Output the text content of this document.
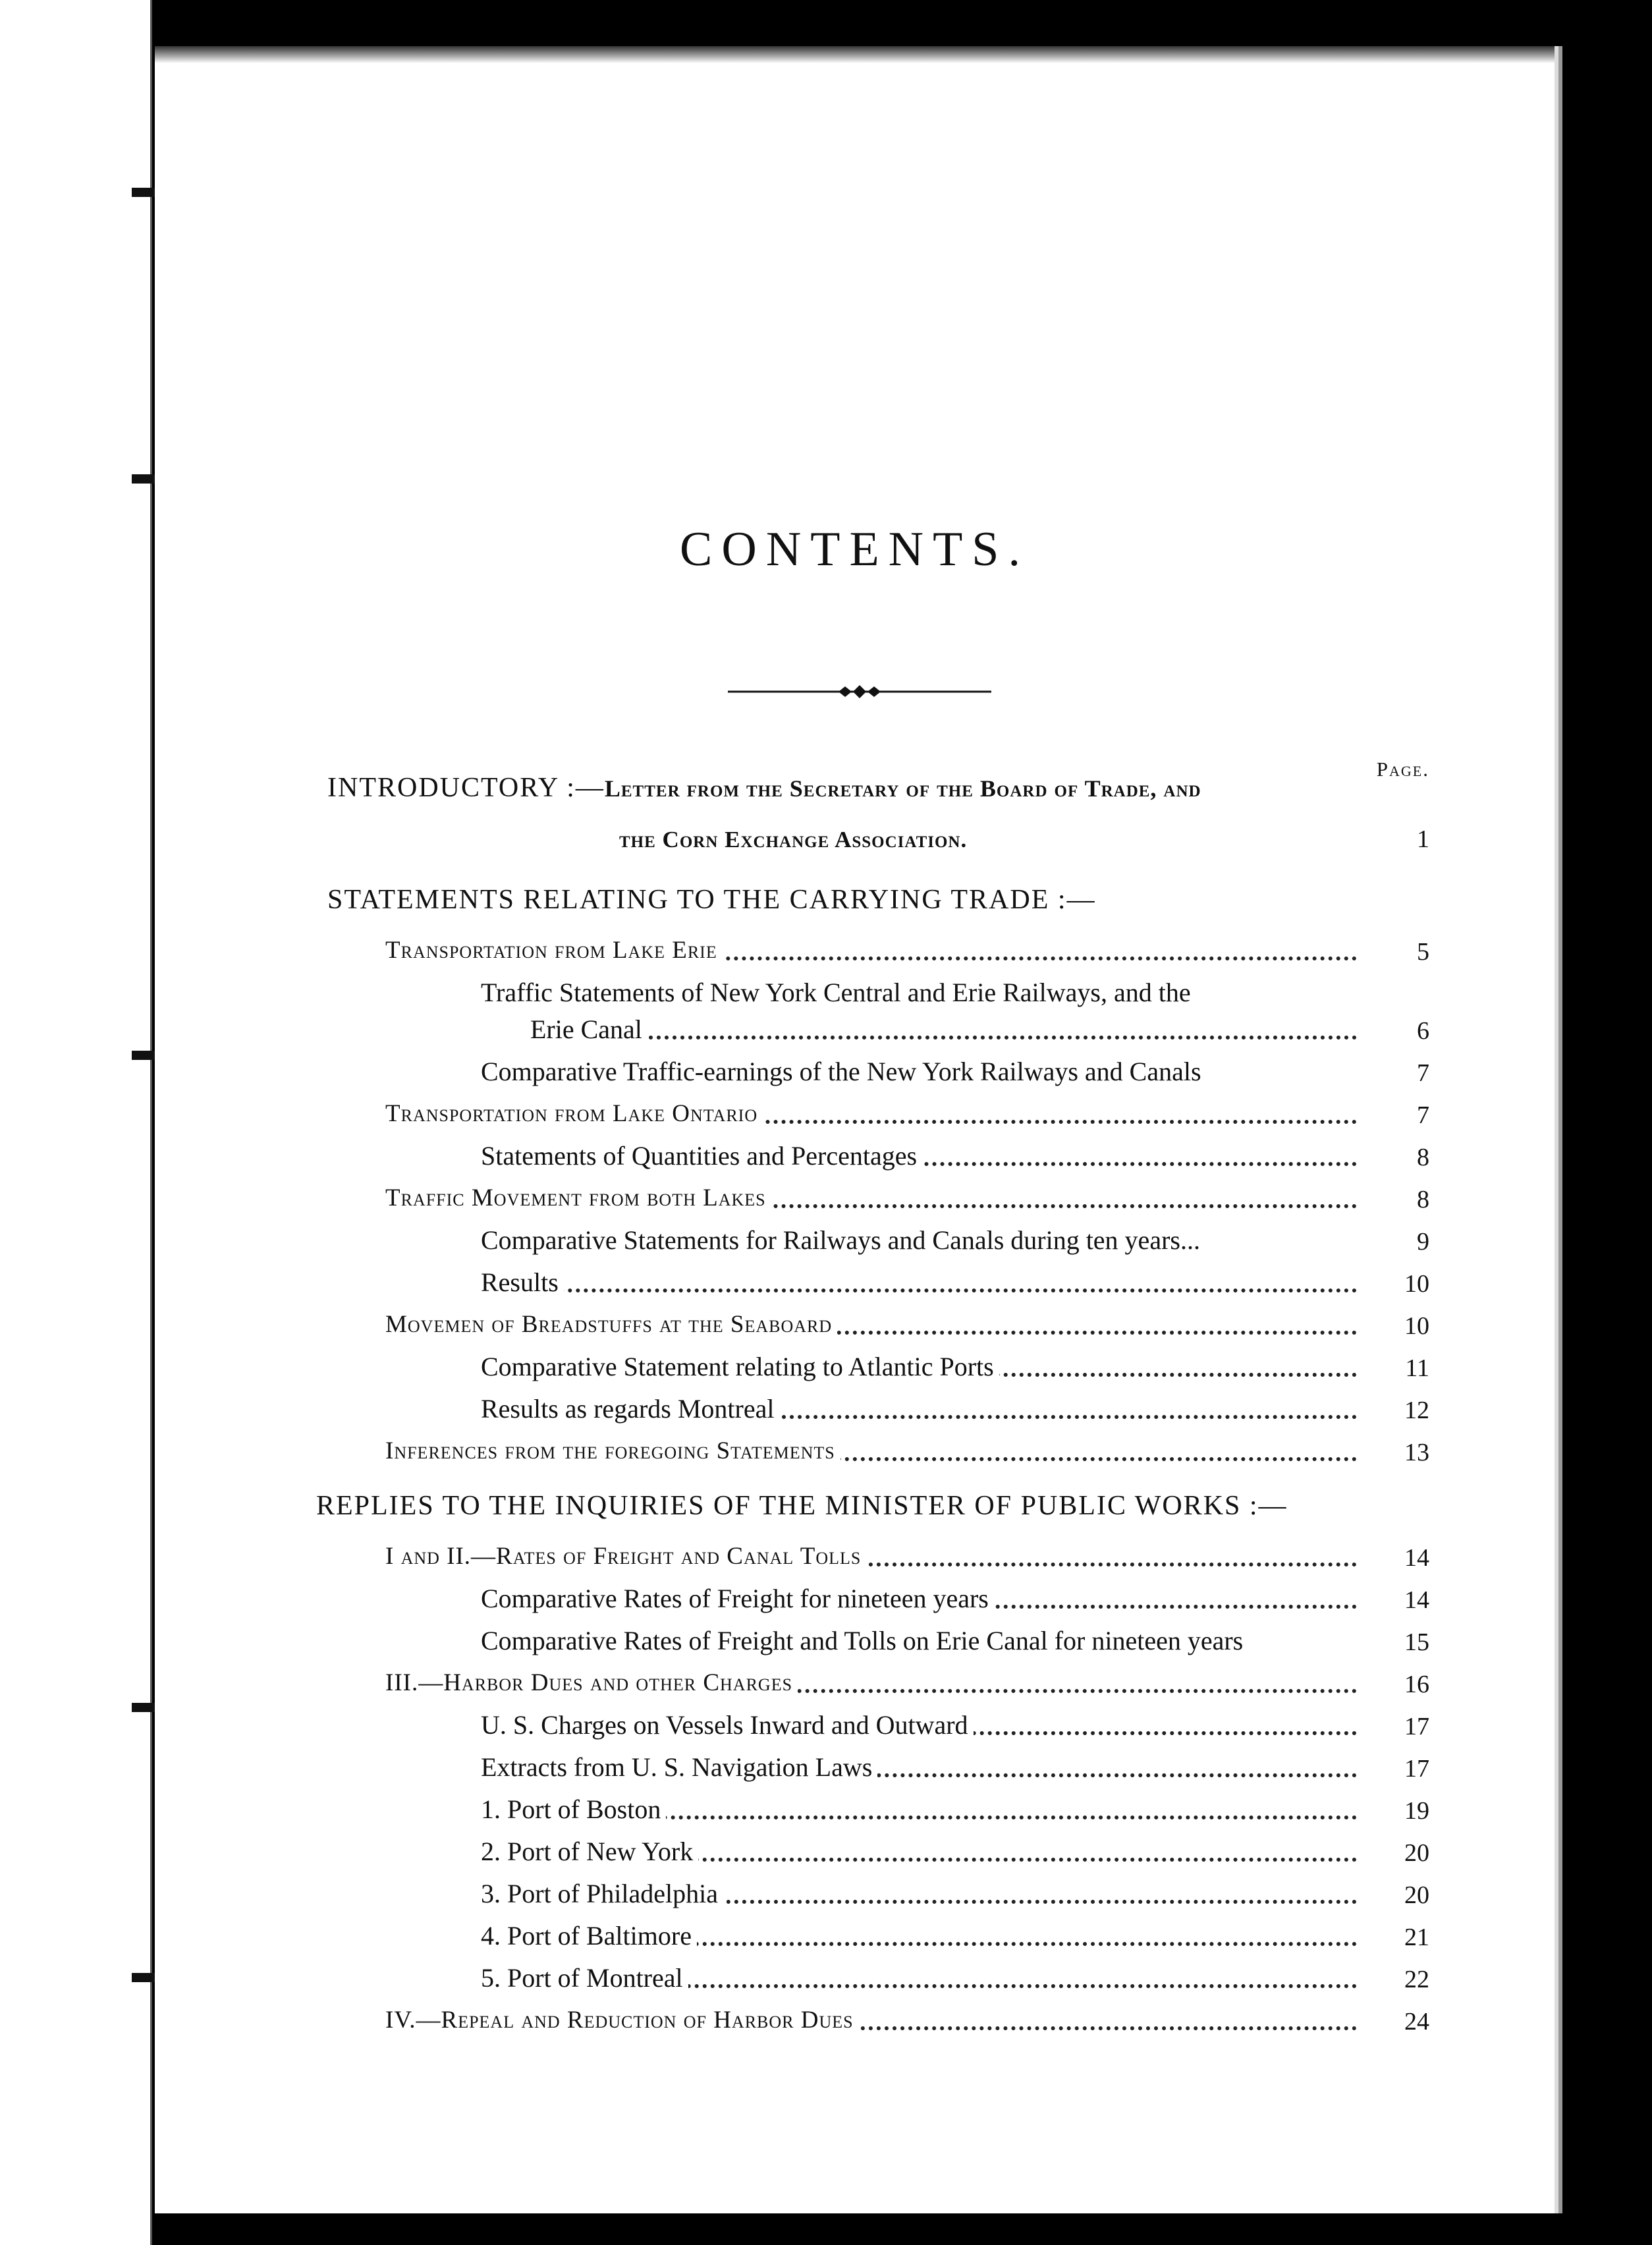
CONTENTS.
Page.
INTRODUCTORY :—Letter from the Secretary of the Board of Trade, and
the Corn Exchange Association.	1
STATEMENTS RELATING TO THE CARRYING TRADE :—
Transportation from Lake Erie	5
Traffic Statements of New York Central and Erie Railways, and the
Erie Canal	6
Comparative Traffic-earnings of the New York Railways and Canals	7
Transportation from Lake Ontario	7
Statements of Quantities and Percentages	8
Traffic Movement from both Lakes	8
Comparative Statements for Railways and Canals during ten years...	9
Results	10
Movemen of Breadstuffs at the Seaboard	10
Comparative Statement relating to Atlantic Ports	11
Results as regards Montreal	12
Inferences from the foregoing Statements	13
REPLIES TO THE INQUIRIES OF THE MINISTER OF PUBLIC WORKS :—
I and II.—Rates of Freight and Canal Tolls	14
Comparative Rates of Freight for nineteen years	14
Comparative Rates of Freight and Tolls on Erie Canal for nineteen years	15
III.—Harbor Dues and other Charges	16
U. S. Charges on Vessels Inward and Outward	17
Extracts from U. S. Navigation Laws	17
1. Port of Boston	19
2. Port of New York	20
3. Port of Philadelphia	20
4. Port of Baltimore	21
5. Port of Montreal	22
IV.—Repeal and Reduction of Harbor Dues	24
